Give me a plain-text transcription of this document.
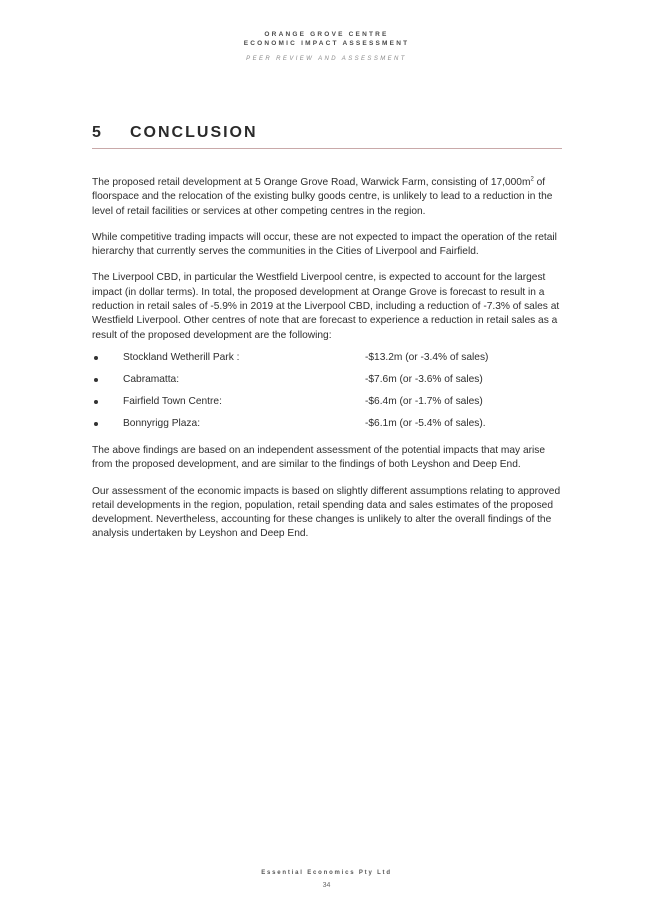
ORANGE GROVE CENTRE
ECONOMIC IMPACT ASSESSMENT
PEER REVIEW AND ASSESSMENT
5 CONCLUSION

The proposed retail development at 5 Orange Grove Road, Warwick Farm, consisting of $17,000m^2$ of floorspace and the relocation of the existing bulky goods centre, is unlikely to lead to a reduction in the level of retail facilities or services at other competing centres in the region.

While competitive trading impacts will occur, these are not expected to impact the operation of the retail hierarchy that currently serves the communities in the Cities of Liverpool and Fairfield.

The Liverpool CBD, in particular the Westfield Liverpool centre, is expected to account for the largest impact (in dollar terms). In total, the proposed development at Orange Grove is forecast to result in a reduction in retail sales of -5.9% in 2019 at the Liverpool CBD, including a reduction of -7.3% of sales at Westfield Liverpool. Other centres of note that are forecast to experience a reduction in retail sales as a result of the proposed development are the following:

Stockland Wetherill Park :	-$13.2m (or -3.4% of sales)
Cabramatta:	-$7.6m (or -3.6% of sales)
Fairfield Town Centre:	-$6.4m (or -1.7% of sales)
Bonnyrigg Plaza:	-$6.1m (or -5.4% of sales).

The above findings are based on an independent assessment of the potential impacts that may arise from the proposed development, and are similar to the findings of both Leyshon and Deep End.

Our assessment of the economic impacts is based on slightly different assumptions relating to approved retail developments in the region, population, retail spending data and sales estimates of the proposed development. Nevertheless, accounting for these changes is unlikely to alter the overall findings of the analysis undertaken by Leyshon and Deep End.

Essential Economics Pty Ltd
34
